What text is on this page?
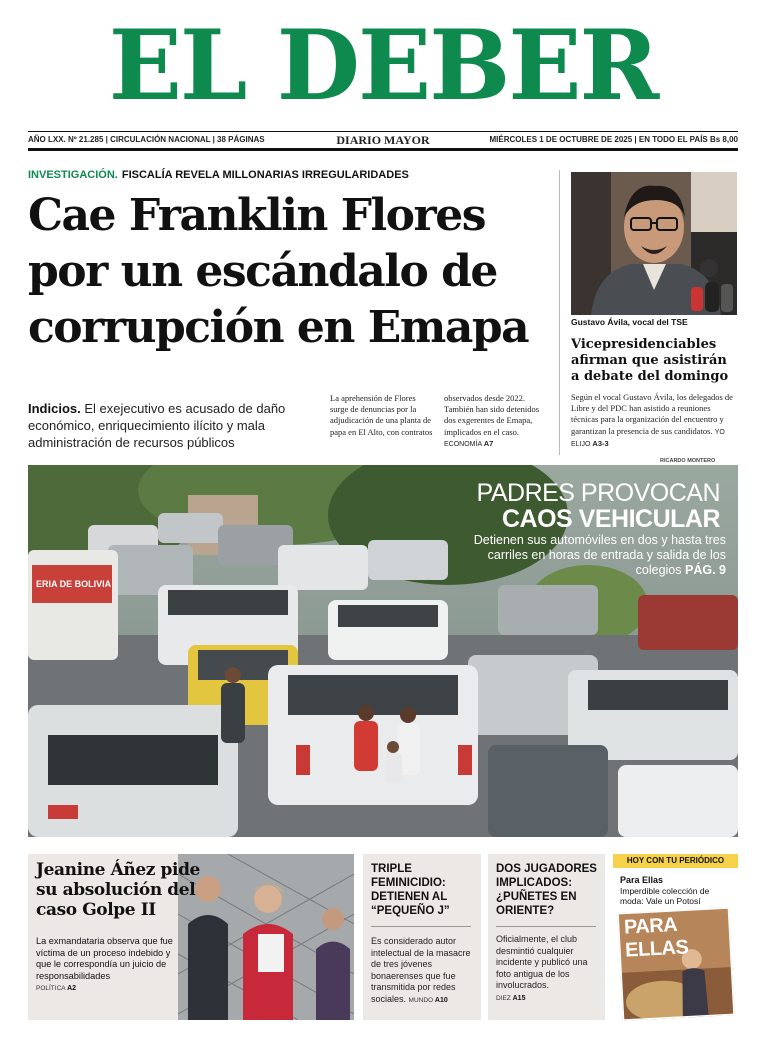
EL DEBER
AÑO LXX. Nº 21.285 | CIRCULACIÓN NACIONAL | 38 PÁGINAS	DIARIO MAYOR	MIÉRCOLES 1 DE OCTUBRE DE 2025 | EN TODO EL PAÍS Bs 8,00
INVESTIGACIÓN. FISCALÍA REVELA MILLONARIAS IRREGULARIDADES
Cae Franklin Flores
por un escándalo de
corrupción en Emapa
Indicios. El exejecutivo es acusado de daño económico, enriquecimiento ilícito y mala administración de recursos públicos
La aprehensión de Flores surge de denuncias por la adjudicación de una planta de papa en El Alto, con contratos
observados desde 2022. También han sido detenidos dos exgerentes de Emapa, implicados en el caso. ECONOMÍA A7
Gustavo Ávila, vocal del TSE
Vicepresidenciables afirman que asistirán a debate del domingo
Según el vocal Gustavo Ávila, los delegados de Libre y del PDC han asistido a reuniones técnicas para la organización del encuentro y garantizan la presencia de sus candidatos. YO ELIJO A3-3
RICARDO MONTERO
ERIA DE BOLIVIA
PADRES PROVOCAN
CAOS VEHICULAR
Detienen sus automóviles en dos y hasta tres carriles en horas de entrada y salida de los colegios PÁG. 9
Jeanine Áñez pide su absolución del caso Golpe II
La exmandataria observa que fue víctima de un proceso indebido y que le correspondía un juicio de responsabilidades
POLÍTICA A2
TRIPLE FEMINICIDIO: DETIENEN AL “PEQUEÑO J”
Es considerado autor intelectual de la masacre de tres jóvenes bonaerenses que fue transmitida por redes sociales. MUNDO A10
DOS JUGADORES IMPLICADOS: ¿PUÑETES EN ORIENTE?
Oficialmente, el club desmintió cualquier incidente y publicó una foto antigua de los involucrados.
DIEZ A15
HOY CON TU PERIÓDICO
Para Ellas
Imperdible colección de moda: Vale un Potosí
PARA ELLAS
